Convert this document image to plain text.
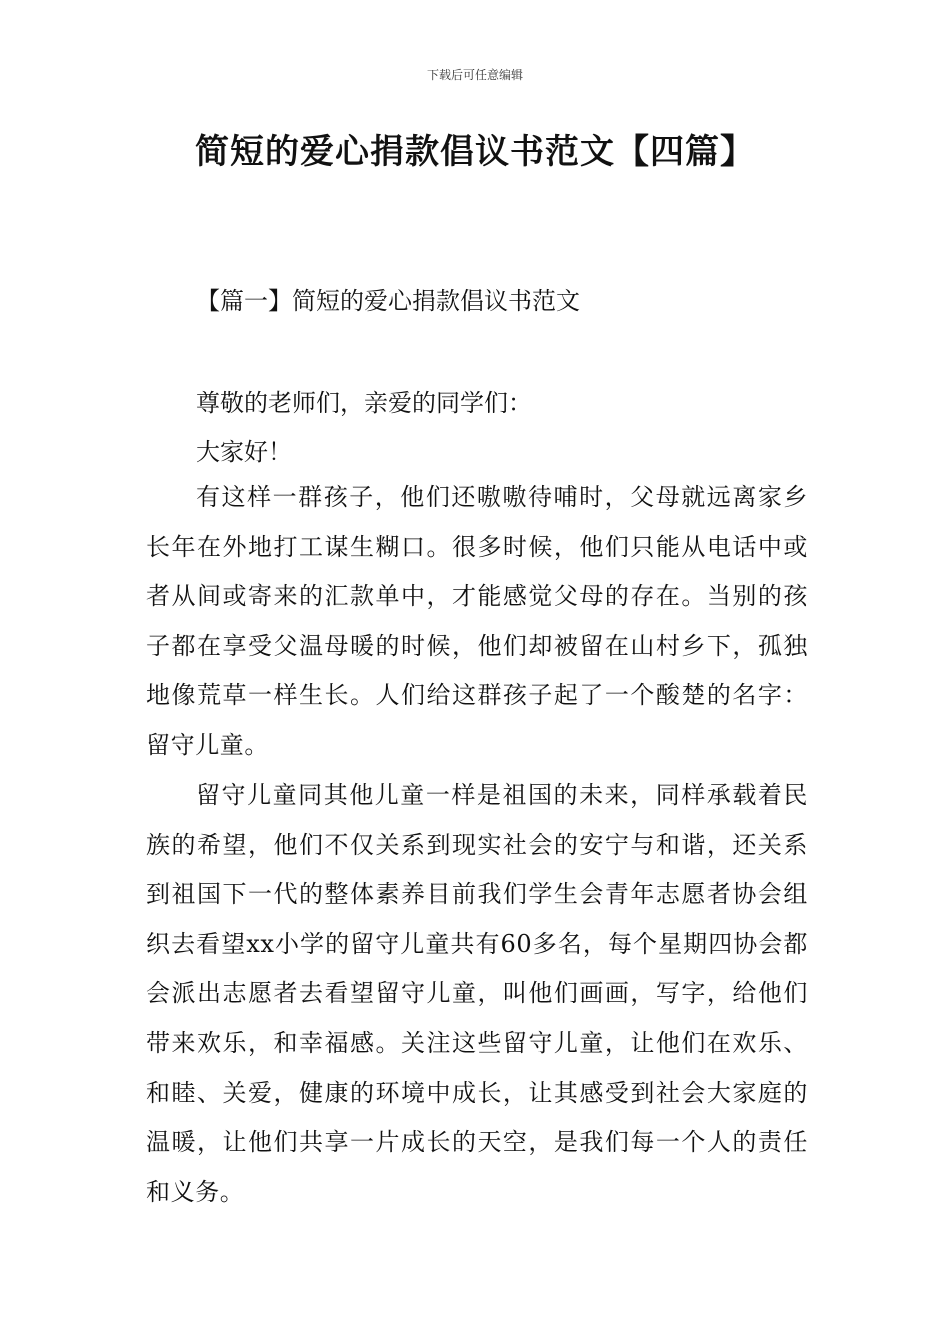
下载后可任意编辑
简短的爱心捐款倡议书范文【四篇】
【篇一】简短的爱心捐款倡议书范文

尊敬的老师们，亲爱的同学们：

大家好！

有这样一群孩子，他们还嗷嗷待哺时，父母就远离家乡长年在外地打工谋生糊口。很多时候，他们只能从电话中或者从间或寄来的汇款单中，才能感觉父母的存在。当别的孩子都在享受父温母暖的时候，他们却被留在山村乡下，孤独地像荒草一样生长。人们给这群孩子起了一个酸楚的名字：留守儿童。

留守儿童同其他儿童一样是祖国的未来，同样承载着民族的希望，他们不仅关系到现实社会的安宁与和谐，还关系到祖国下一代的整体素养目前我们学生会青年志愿者协会组织去看望xx小学的留守儿童共有60多名，每个星期四协会都会派出志愿者去看望留守儿童，叫他们画画，写字，给他们带来欢乐，和幸福感。关注这些留守儿童，让他们在欢乐、和睦、关爱，健康的环境中成长，让其感受到社会大家庭的温暖，让他们共享一片成长的天空，是我们每一个人的责任和义务。
